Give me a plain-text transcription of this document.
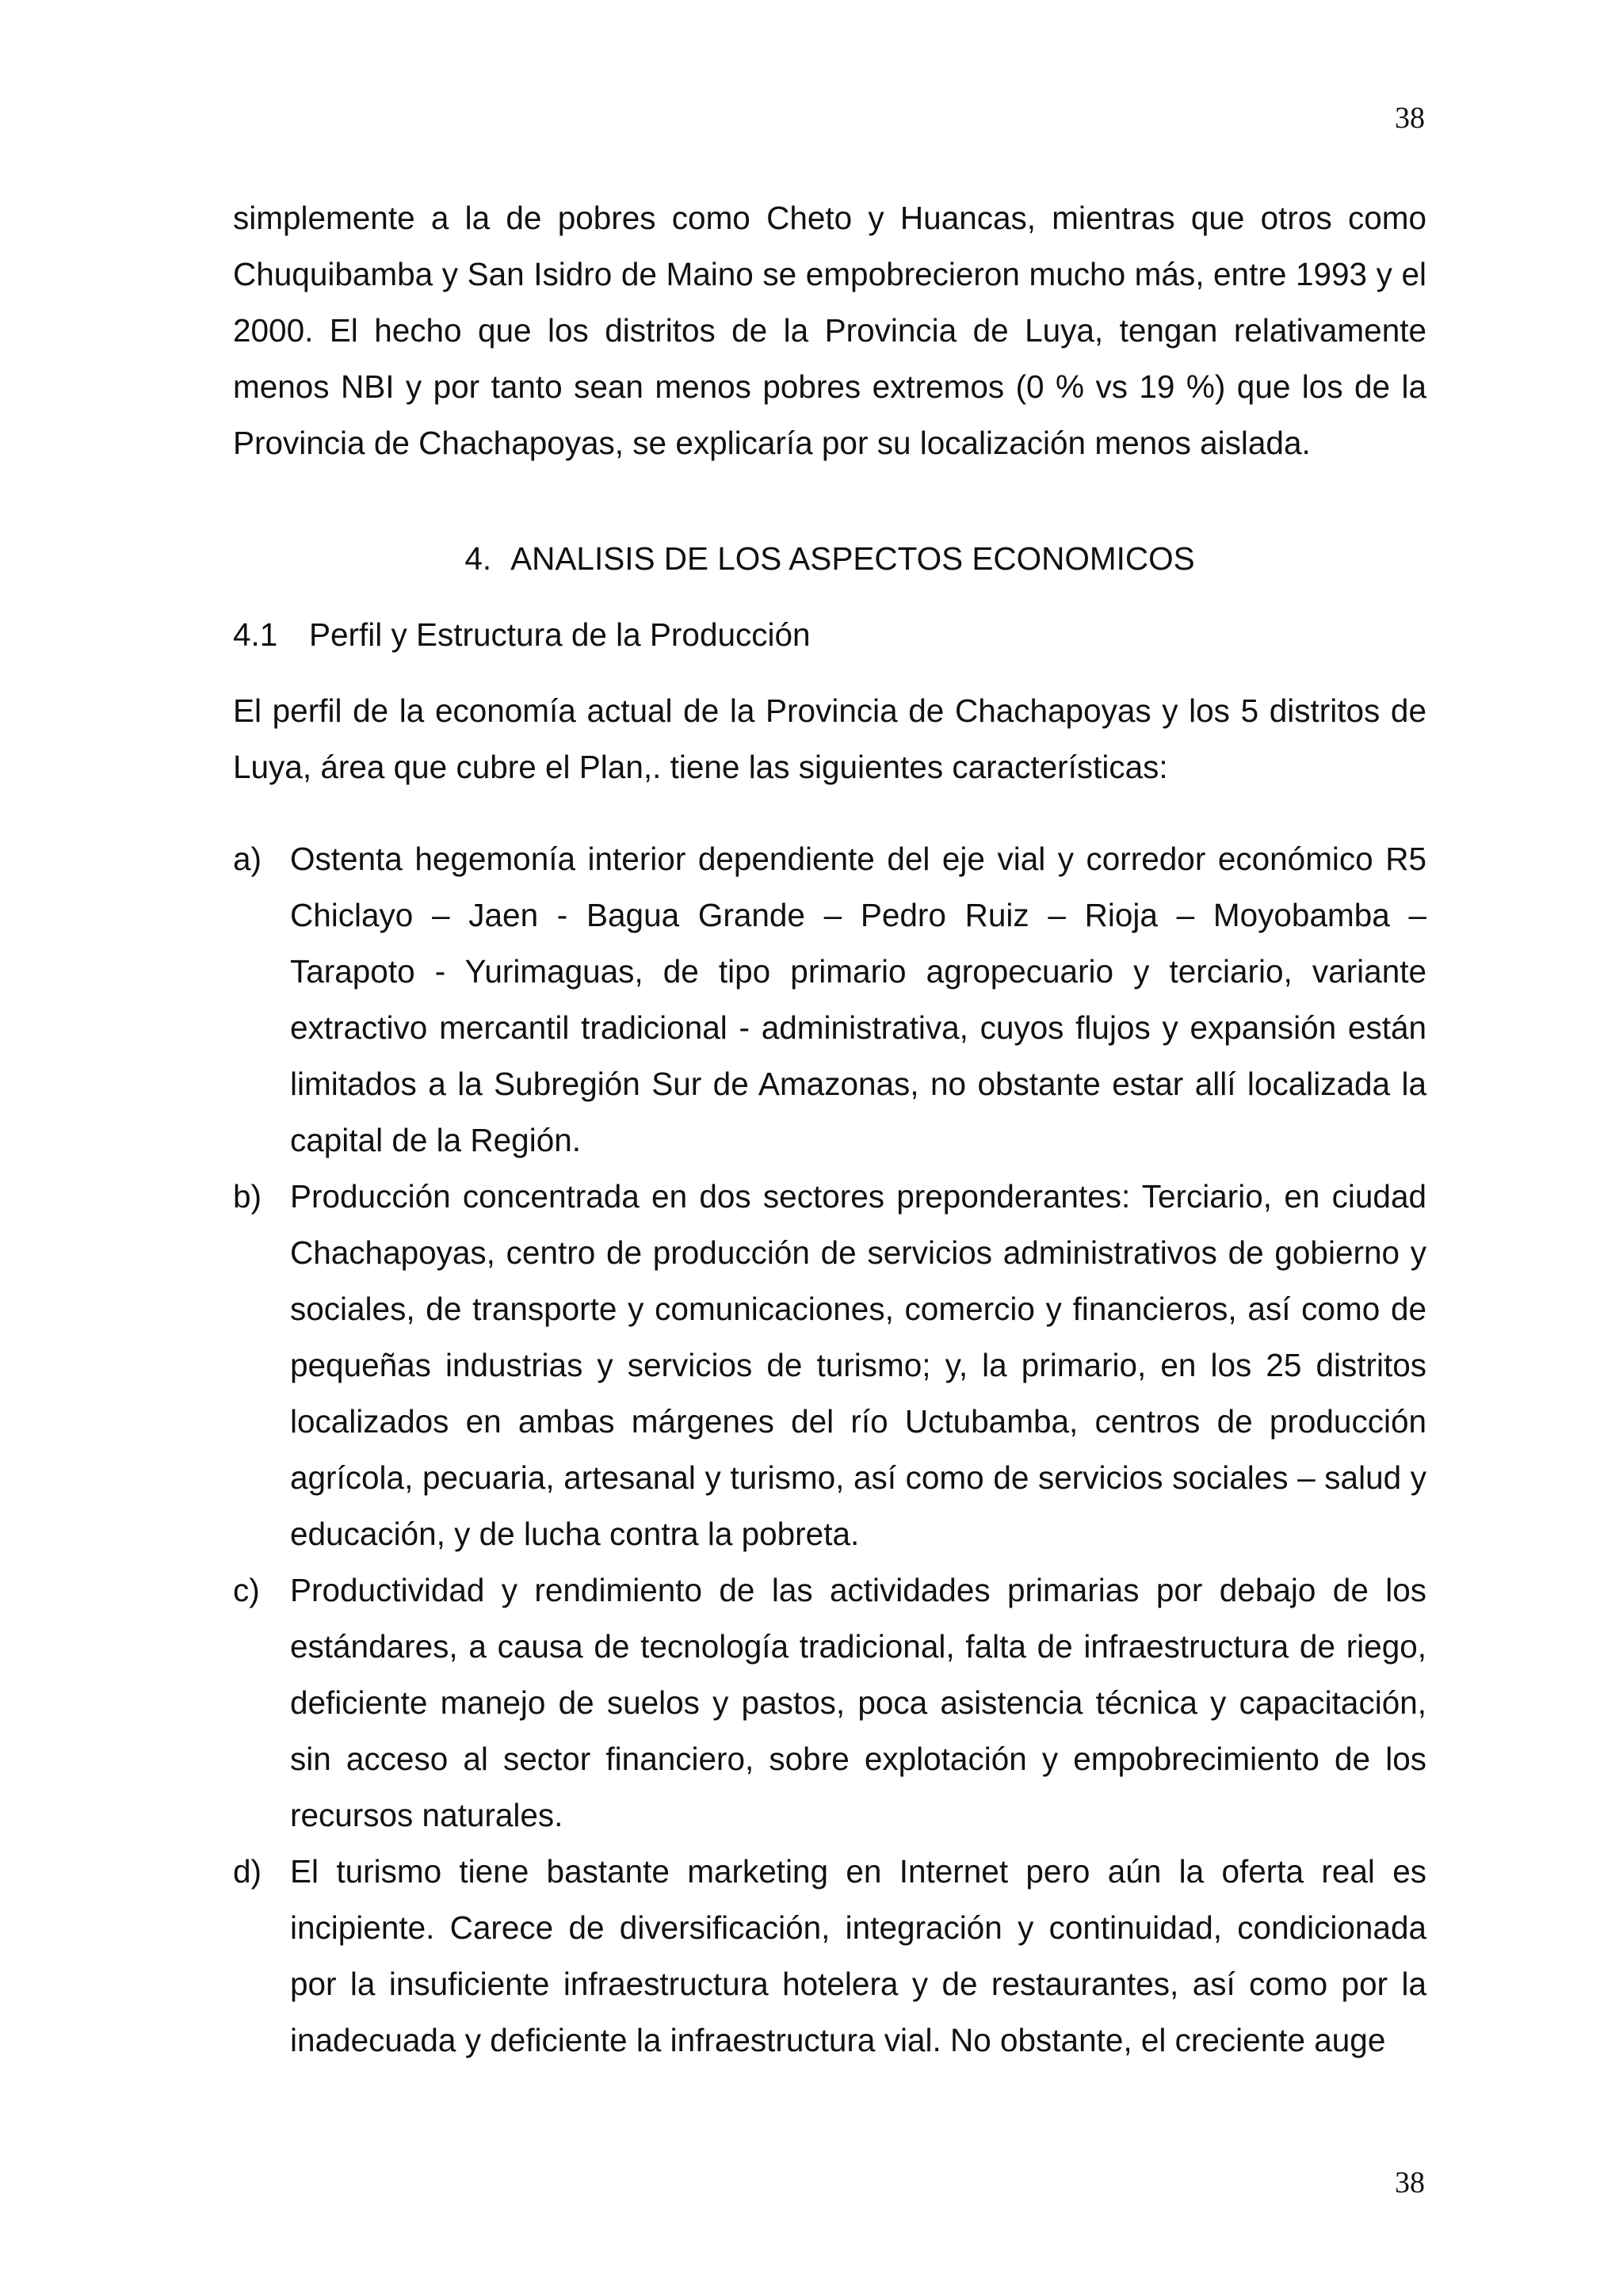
38

simplemente a la de pobres como Cheto y Huancas, mientras que otros como Chuquibamba y San Isidro de Maino se empobrecieron mucho más, entre 1993 y el 2000. El hecho que los distritos de la Provincia de Luya, tengan relativamente menos NBI y por tanto sean menos pobres extremos (0 % vs 19 %) que los de la Provincia de Chachapoyas, se explicaría por su localización menos aislada.

4. ANALISIS DE LOS ASPECTOS ECONOMICOS

4.1 Perfil y Estructura de la Producción

El perfil de la economía actual de la Provincia de Chachapoyas y los 5 distritos de Luya, área que cubre el Plan,. tiene las siguientes características:

a) Ostenta hegemonía interior dependiente del eje vial y corredor económico R5 Chiclayo – Jaen - Bagua Grande – Pedro Ruiz – Rioja – Moyobamba – Tarapoto - Yurimaguas, de tipo primario agropecuario y terciario, variante extractivo mercantil tradicional - administrativa, cuyos flujos y expansión están limitados a la Subregión Sur de Amazonas, no obstante estar allí localizada la capital de la Región.
b) Producción concentrada en dos sectores preponderantes: Terciario, en ciudad Chachapoyas, centro de producción de servicios administrativos de gobierno y sociales, de transporte y comunicaciones, comercio y financieros, así como de pequeñas industrias y servicios de turismo; y, la primario, en los 25 distritos localizados en ambas márgenes del río Uctubamba, centros de producción agrícola, pecuaria, artesanal y turismo, así como de servicios sociales – salud y educación, y de lucha contra la pobreta.
c) Productividad y rendimiento de las actividades primarias por debajo de los estándares, a causa de tecnología tradicional, falta de infraestructura de riego, deficiente manejo de suelos y pastos, poca asistencia técnica y capacitación, sin acceso al sector financiero, sobre explotación y empobrecimiento de los recursos naturales.
d) El turismo tiene bastante marketing en Internet pero aún la oferta real es incipiente. Carece de diversificación, integración y continuidad, condicionada por la insuficiente infraestructura hotelera y de restaurantes, así como por la inadecuada y deficiente la infraestructura vial. No obstante, el creciente auge
38
